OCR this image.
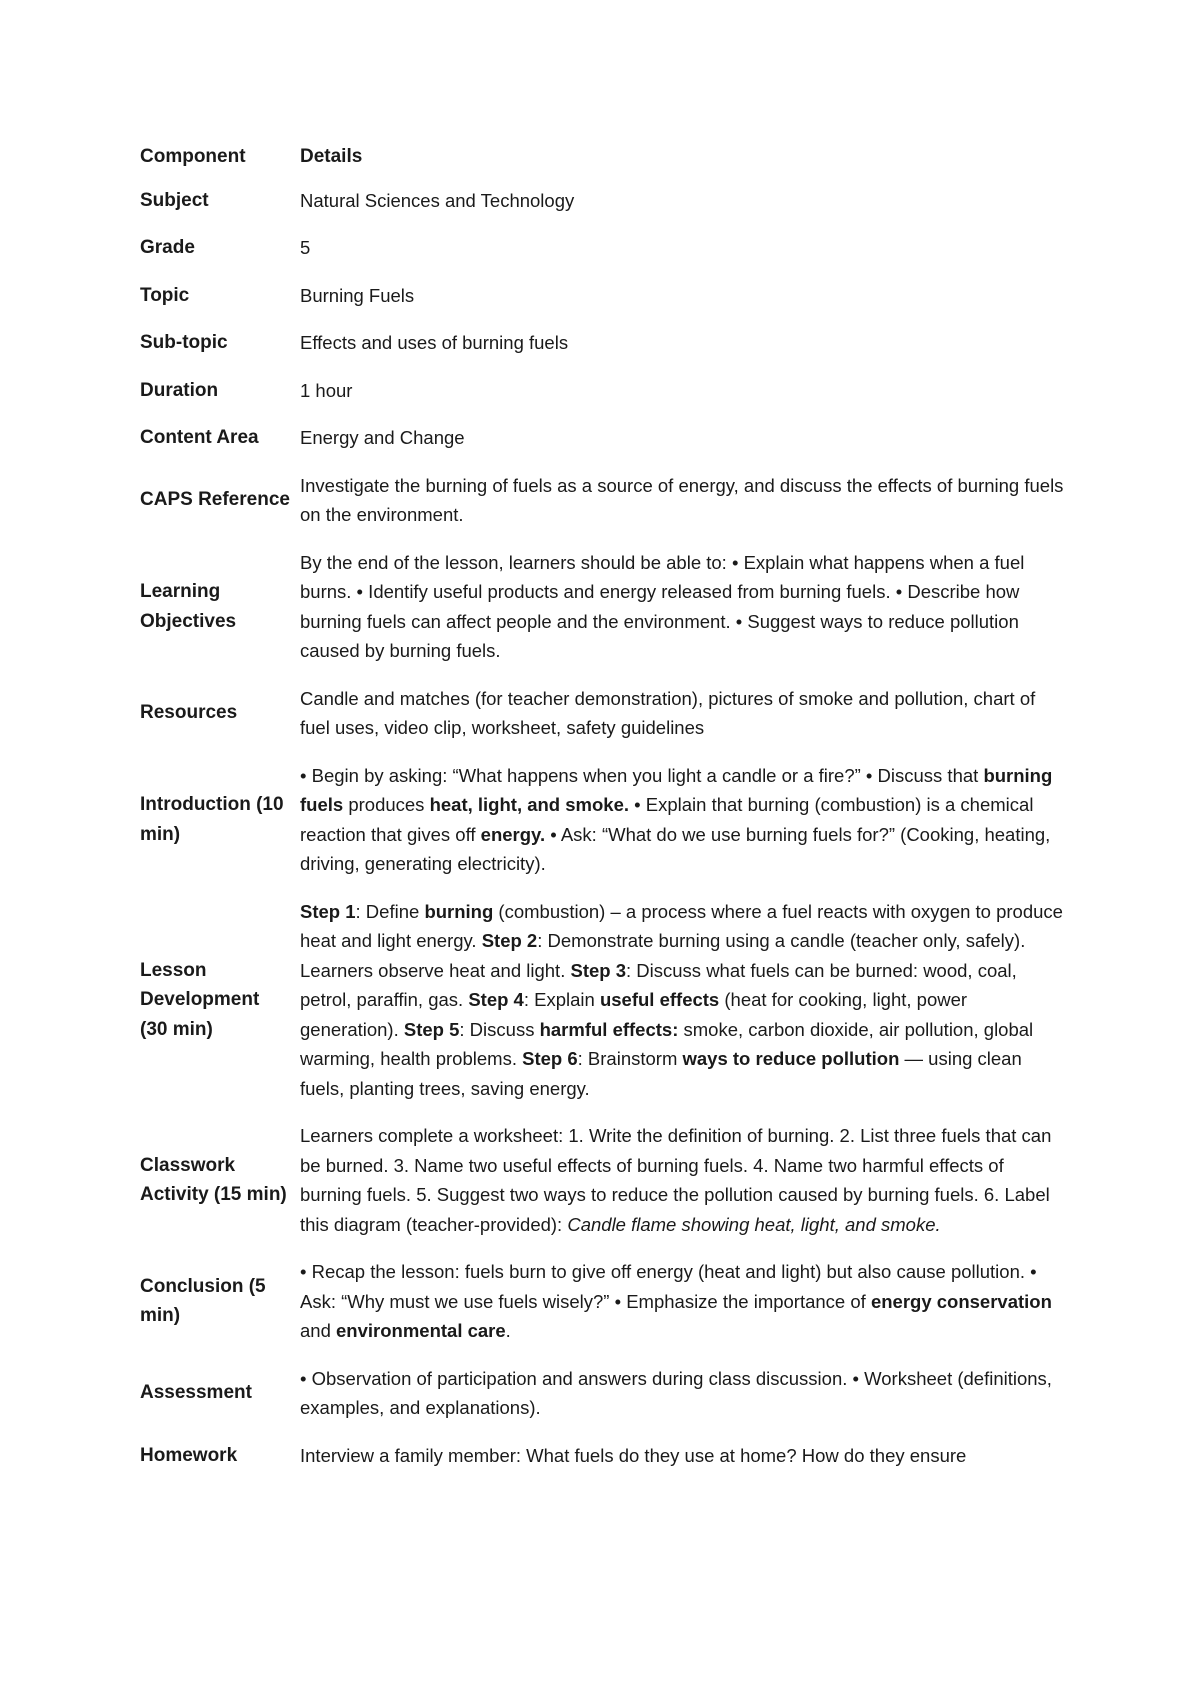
Component	Details
Subject	Natural Sciences and Technology
Grade	5
Topic	Burning Fuels
Sub-topic	Effects and uses of burning fuels
Duration	1 hour
Content Area	Energy and Change
CAPS Reference	Investigate the burning of fuels as a source of energy, and discuss the effects of burning fuels on the environment.
Learning Objectives	By the end of the lesson, learners should be able to: • Explain what happens when a fuel burns. • Identify useful products and energy released from burning fuels. • Describe how burning fuels can affect people and the environment. • Suggest ways to reduce pollution caused by burning fuels.
Resources	Candle and matches (for teacher demonstration), pictures of smoke and pollution, chart of fuel uses, video clip, worksheet, safety guidelines
Introduction (10 min)	• Begin by asking: “What happens when you light a candle or a fire?” • Discuss that burning fuels produces heat, light, and smoke. • Explain that burning (combustion) is a chemical reaction that gives off energy. • Ask: “What do we use burning fuels for?” (Cooking, heating, driving, generating electricity).
Lesson Development (30 min)	Step 1: Define burning (combustion) – a process where a fuel reacts with oxygen to produce heat and light energy. Step 2: Demonstrate burning using a candle (teacher only, safely). Learners observe heat and light. Step 3: Discuss what fuels can be burned: wood, coal, petrol, paraffin, gas. Step 4: Explain useful effects (heat for cooking, light, power generation). Step 5: Discuss harmful effects: smoke, carbon dioxide, air pollution, global warming, health problems. Step 6: Brainstorm ways to reduce pollution — using clean fuels, planting trees, saving energy.
Classwork Activity (15 min)	Learners complete a worksheet: 1. Write the definition of burning. 2. List three fuels that can be burned. 3. Name two useful effects of burning fuels. 4. Name two harmful effects of burning fuels. 5. Suggest two ways to reduce the pollution caused by burning fuels. 6. Label this diagram (teacher-provided): Candle flame showing heat, light, and smoke.
Conclusion (5 min)	• Recap the lesson: fuels burn to give off energy (heat and light) but also cause pollution. • Ask: “Why must we use fuels wisely?” • Emphasize the importance of energy conservation and environmental care.
Assessment	• Observation of participation and answers during class discussion. • Worksheet (definitions, examples, and explanations).
Homework	Interview a family member: What fuels do they use at home? How do they ensure
